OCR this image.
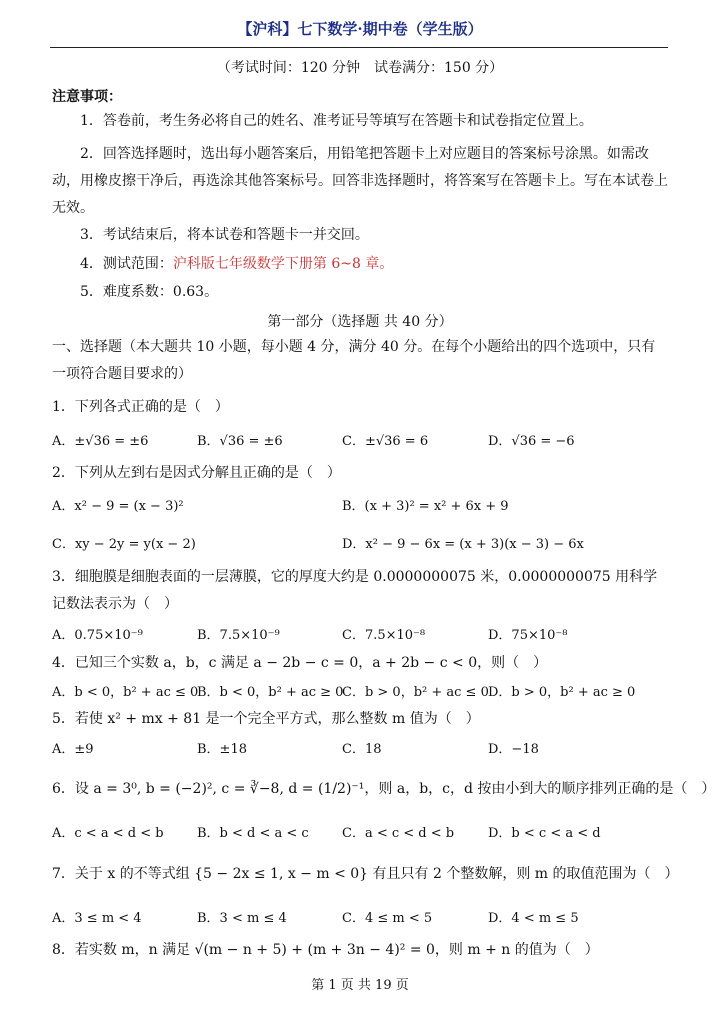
【沪科】七下数学·期中卷（学生版）
（考试时间：120 分钟　试卷满分：150 分）
注意事项：
1．答卷前，考生务必将自己的姓名、准考证号等填写在答题卡和试卷指定位置上。
2．回答选择题时，选出每小题答案后，用铅笔把答题卡上对应题目的答案标号涂黑。如需改动，用橡皮擦干净后，再选涂其他答案标号。回答非选择题时，将答案写在答题卡上。写在本试卷上无效。
3．考试结束后，将本试卷和答题卡一并交回。
4．测试范围：沪科版七年级数学下册第 6~8 章。
5．难度系数：0.63。
第一部分（选择题 共 40 分）
一、选择题（本大题共 10 小题，每小题 4 分，满分 40 分。在每个小题给出的四个选项中，只有一项符合题目要求的）
1．下列各式正确的是（　）
A．±√36 = ±6	B．√36 = ±6	C．±√36 = 6	D．√36 = −6
2．下列从左到右是因式分解且正确的是（　）
A．x² − 9 = (x − 3)²	B．(x + 3)² = x² + 6x + 9
C．xy − 2y = y(x − 2)	D．x² − 9 − 6x = (x + 3)(x − 3) − 6x
3．细胞膜是细胞表面的一层薄膜，它的厚度大约是 0.0000000075 米，0.0000000075 用科学记数法表示为（　）
A．0.75×10⁻⁹	B．7.5×10⁻⁹	C．7.5×10⁻⁸	D．75×10⁻⁸
4．已知三个实数 a，b，c 满足 a − 2b − c = 0，a + 2b − c < 0，则（　）
A．b < 0，b² + ac ≤ 0
B．b < 0，b² + ac ≥ 0
C．b > 0，b² + ac ≤ 0 D．b > 0，b² + ac ≥ 0
5．若使 x² + mx + 81 是一个完全平方式，那么整数 m 值为（　）
A．±9	B．±18	C．18	D．−18
6．设 a = 3⁰, b = (−2)², c = ∛−8, d = (1/2)⁻¹，则 a，b，c，d 按由小到大的顺序排列正确的是（　）
A．c < a < d < b	B．b < d < a < c	C．a < c < d < b	D．b < c < a < d
7．关于 x 的不等式组 {5 − 2x ≤ 1, x − m < 0} 有且只有 2 个整数解，则 m 的取值范围为（　）
A．3 ≤ m < 4	B．3 < m ≤ 4	C．4 ≤ m < 5	D．4 < m ≤ 5
8．若实数 m，n 满足 √(m − n + 5) + (m + 3n − 4)² = 0，则 m + n 的值为（　）
第 1 页 共 19 页
